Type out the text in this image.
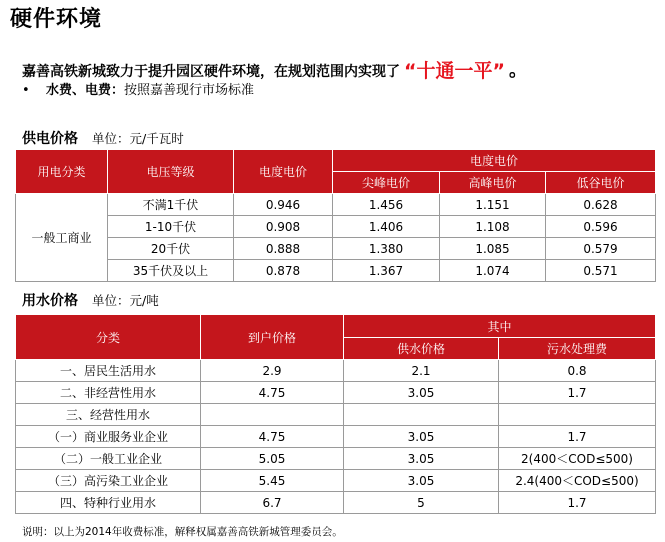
硬件环境
嘉善高铁新城致力于提升园区硬件环境，在规划范围内实现了 “十通一平” 。
• 水费、电费：按照嘉善现行市场标准
供电价格 单位：元/千瓦时
用电分类	电压等级	电度电价	电度电价		
			尖峰电价	高峰电价	低谷电价
一般工商业	不满1千伏	0.946	1.456	1.151	0.628
	1-10千伏	0.908	1.406	1.108	0.596
	20千伏	0.888	1.380	1.085	0.579
	35千伏及以上	0.878	1.367	1.074	0.571
用水价格 单位：元/吨
分类	到户价格	其中	
		供水价格	污水处理费
一、居民生活用水	2.9	2.1	0.8
二、非经营性用水	4.75	3.05	1.7
三、经营性用水			
（一）商业服务业企业	4.75	3.05	1.7
（二）一般工业企业	5.05	3.05	2(400＜COD≤500)
（三）高污染工业企业	5.45	3.05	2.4(400＜COD≤500)
四、特种行业用水	6.7	5	1.7
说明：以上为2014年收费标准，解释权属嘉善高铁新城管理委员会。
